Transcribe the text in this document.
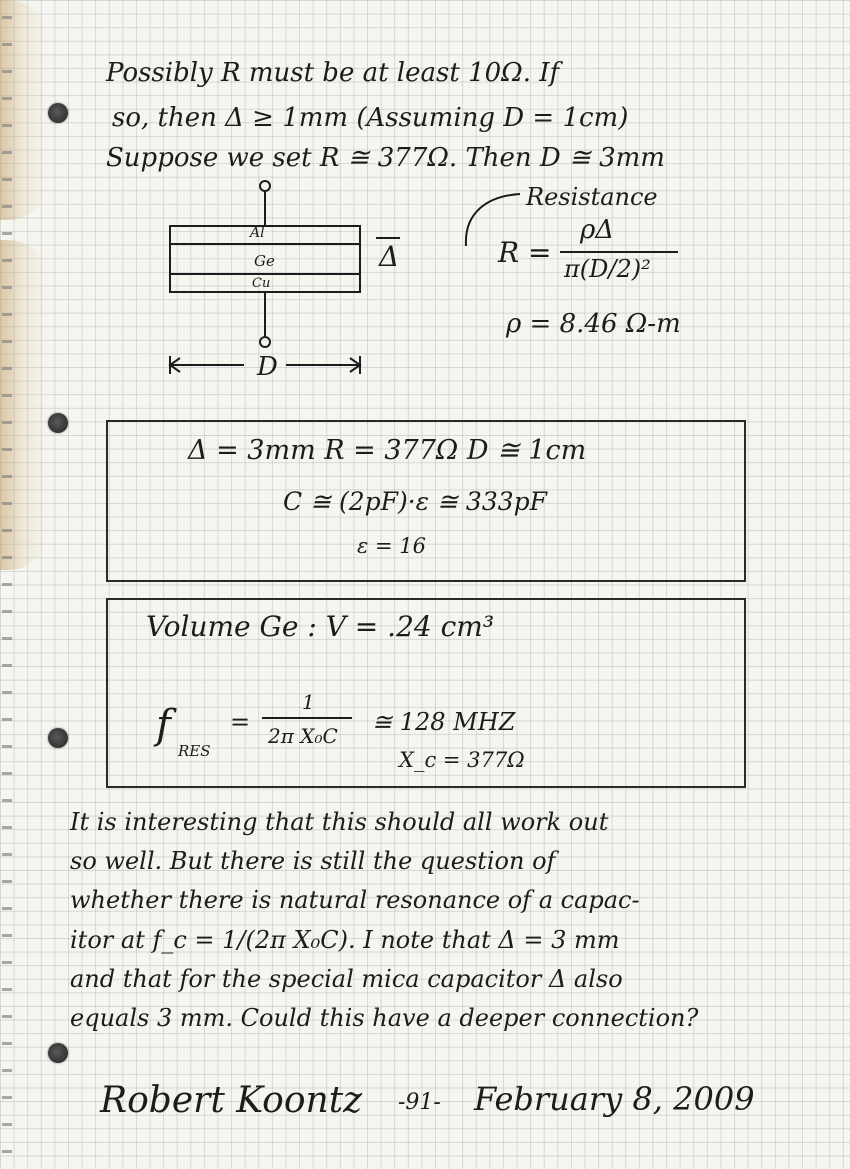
Possibly R must be at least 10Ω. If
so, then Δ ≥ 1mm (Assuming D = 1cm)
Suppose we set R ≅ 377Ω. Then D ≅ 3mm
Al
Ge
Cu
Δ
D
Resistance
R =
ρΔ
π(D/2)²
ρ = 8.46 Ω-m
Δ = 3mm R = 377Ω D ≅ 1cm
C ≅ (2pF)·ε ≅ 333pF
ε = 16
Volume Ge : V = .24 cm³
f
RES
=
1
2π X₀C ≅ 128 MHZ
X_c = 377Ω
It is interesting that this should all work out
so well. But there is still the question of
whether there is natural resonance of a capac-
itor at f_c = 1/(2π X₀C). I note that Δ = 3 mm
and that for the special mica capacitor Δ also
equals 3 mm. Could this have a deeper connection?
Robert Koontz -91- February 8, 2009
